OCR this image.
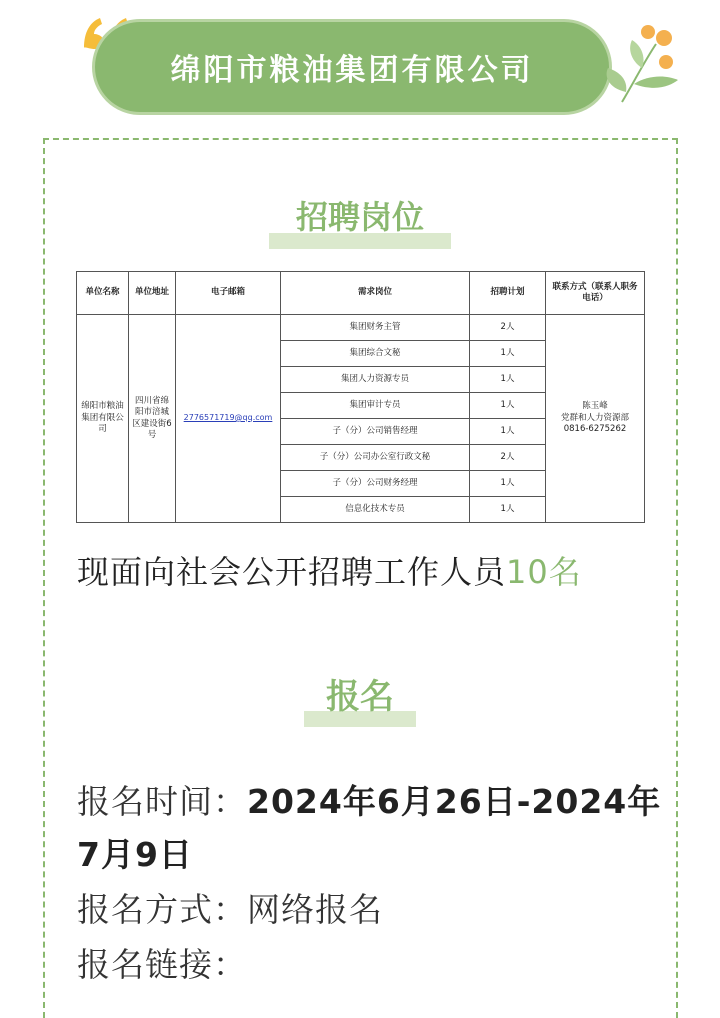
绵阳市粮油集团有限公司
招聘岗位
单位名称	单位地址	电子邮箱	需求岗位	招聘计划	联系方式（联系人职务电话）
绵阳市粮油集团有限公司	四川省绵阳市涪城区建设街6号	2776571719@qq.com	集团财务主管	2人	陈玉峰
党群和人力资源部
0816-6275262

			集团综合文秘	1人	
			集团人力资源专员	1人	
			集团审计专员	1人	
			子（分）公司销售经理	1人	
			子（分）公司办公室行政文秘	2人	
			子（分）公司财务经理	1人	
			信息化技术专员	1人	
现面向社会公开招聘工作人员10名
报名
报名时间：2024年6月26日-2024年
7月9日
报名方式：网络报名
报名链接：
